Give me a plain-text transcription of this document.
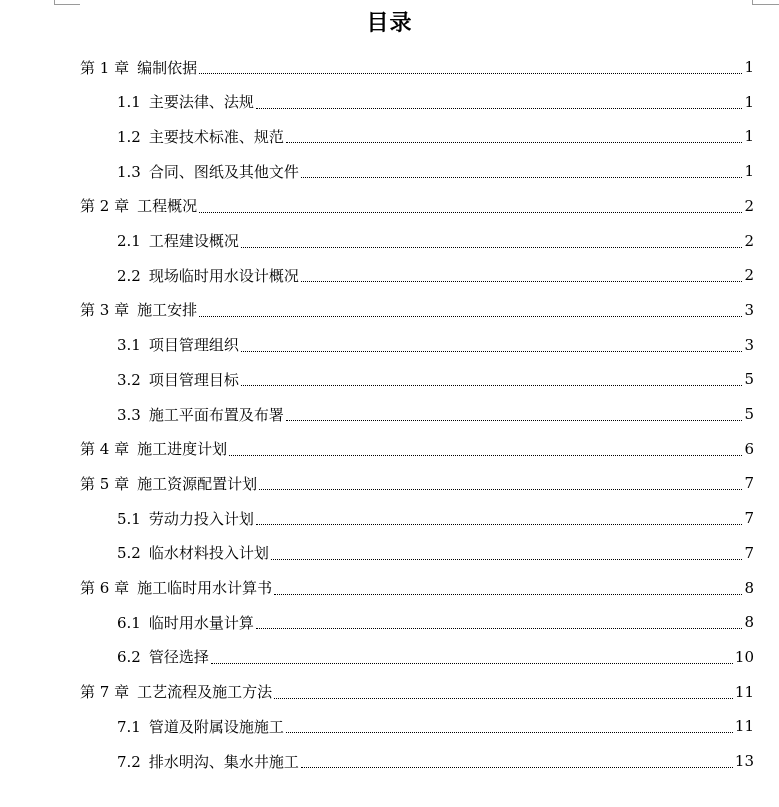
目录
第 1 章 编制依据	1
1.1 主要法律、法规	1
1.2 主要技术标准、规范	1
1.3 合同、图纸及其他文件	1
第 2 章 工程概况	2
2.1 工程建设概况	2
2.2 现场临时用水设计概况	2
第 3 章 施工安排	3
3.1 项目管理组织	3
3.2 项目管理目标	5
3.3 施工平面布置及布署	5
第 4 章 施工进度计划	6
第 5 章 施工资源配置计划	7
5.1 劳动力投入计划	7
5.2 临水材料投入计划	7
第 6 章 施工临时用水计算书	8
6.1 临时用水量计算	8
6.2 管径选择	10
第 7 章 工艺流程及施工方法	11
7.1 管道及附属设施施工	11
7.2 排水明沟、集水井施工	13
